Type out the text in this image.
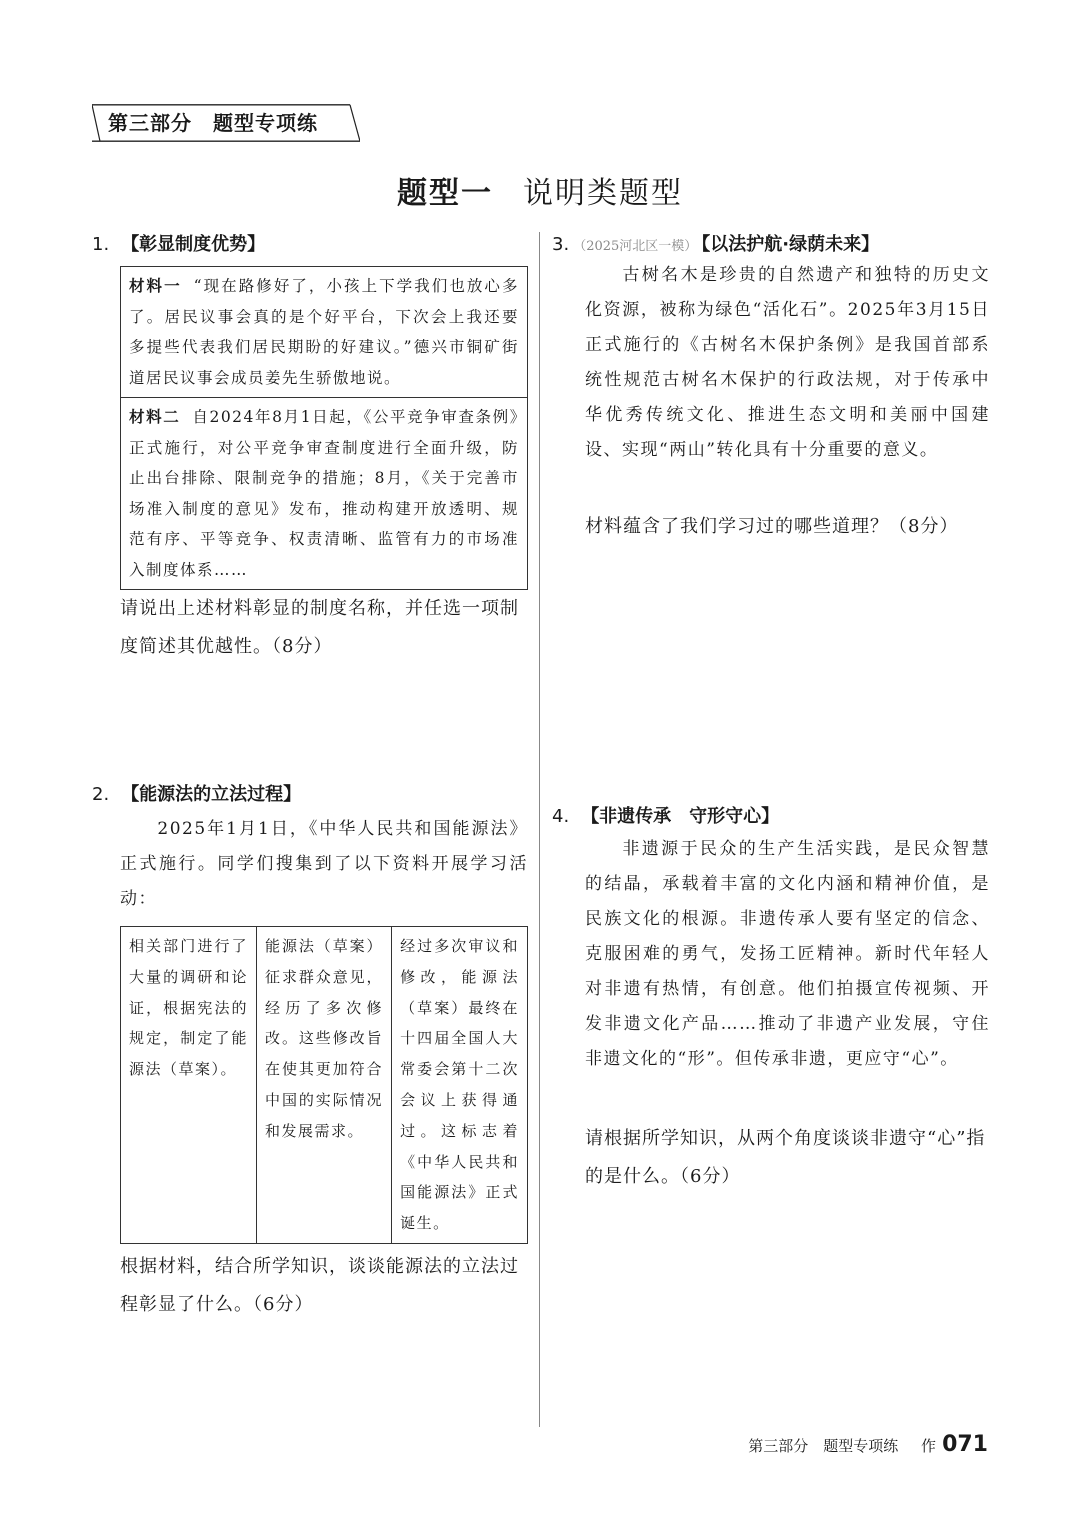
第三部分　题型专项练
题型一 说明类题型
1. 【彰显制度优势】
材料一 “现在路修好了，小孩上下学我们也放心多了。居民议事会真的是个好平台，下次会上我还要多提些代表我们居民期盼的好建议。”德兴市铜矿街道居民议事会成员姜先生骄傲地说。
材料二 自2024年8月1日起，《公平竞争审查条例》正式施行，对公平竞争审查制度进行全面升级，防止出台排除、限制竞争的措施；8月，《关于完善市场准入制度的意见》发布，推动构建开放透明、规范有序、平等竞争、权责清晰、监管有力的市场准入制度体系……
请说出上述材料彰显的制度名称，并任选一项制度简述其优越性。（8分）
2. 【能源法的立法过程】
2025年1月1日，《中华人民共和国能源法》正式施行。同学们搜集到了以下资料开展学习活动：
相关部门进行了大量的调研和论证，根据宪法的规定，制定了能源法（草案）。	能源法（草案）征求群众意见，经历了多次修改。这些修改旨在使其更加符合中国的实际情况和发展需求。	经过多次审议和修改，能源法（草案）最终在十四届全国人大常委会第十二次会议上获得通过。这标志着《中华人民共和国能源法》正式诞生。
根据材料，结合所学知识，谈谈能源法的立法过程彰显了什么。（6分）
3. （2025河北区一模） 【以法护航·绿荫未来】
古树名木是珍贵的自然遗产和独特的历史文化资源，被称为绿色“活化石”。2025年3月15日正式施行的《古树名木保护条例》是我国首部系统性规范古树名木保护的行政法规，对于传承中华优秀传统文化、推进生态文明和美丽中国建设、实现“两山”转化具有十分重要的意义。
材料蕴含了我们学习过的哪些道理？（8分）
4. 【非遗传承　守形守心】
非遗源于民众的生产生活实践，是民众智慧的结晶，承载着丰富的文化内涵和精神价值，是民族文化的根源。非遗传承人要有坚定的信念、克服困难的勇气，发扬工匠精神。新时代年轻人对非遗有热情，有创意。他们拍摄宣传视频、开发非遗文化产品……推动了非遗产业发展，守住非遗文化的“形”。但传承非遗，更应守“心”。
请根据所学知识，从两个角度谈谈非遗守“心”指的是什么。（6分）
第三部分　题型专项练 作 071
